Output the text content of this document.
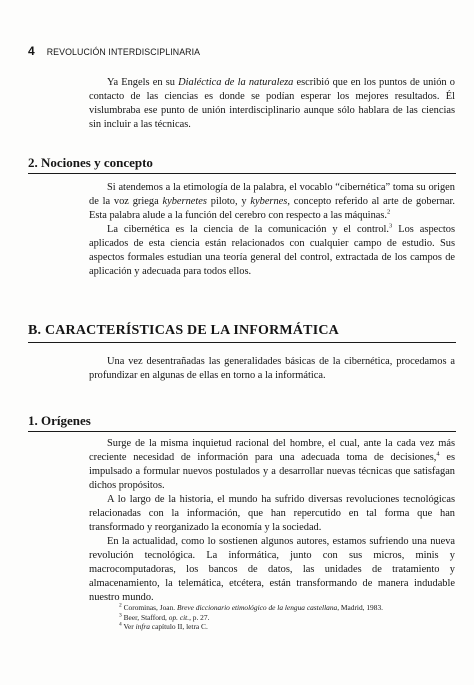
4 REVOLUCIÓN INTERDISCIPLINARIA

Ya Engels en su Dialéctica de la naturaleza escribió que en los puntos de unión o contacto de las ciencias es donde se podían esperar los mejores resultados. Él vislumbraba ese punto de unión interdisciplinario aunque sólo hablara de las ciencias sin incluir a las técnicas.

2. Nociones y concepto

Si atendemos a la etimología de la palabra, el vocablo “cibernética” toma su origen de la voz griega kybernetes piloto, y kybernes, concepto referido al arte de gobernar. Esta palabra alude a la función del cerebro con respecto a las máquinas.$^2$

La cibernética es la ciencia de la comunicación y el control.$^3$ Los aspectos aplicados de esta ciencia están relacionados con cualquier campo de estudio. Sus aspectos formales estudian una teoría general del control, extractada de los campos de aplicación y adecuada para todos ellos.

B. CARACTERÍSTICAS DE LA INFORMÁTICA

Una vez desentrañadas las generalidades básicas de la cibernética, procedamos a profundizar en algunas de ellas en torno a la informática.

1. Orígenes

Surge de la misma inquietud racional del hombre, el cual, ante la cada vez más creciente necesidad de información para una adecuada toma de decisiones,$^4$ es impulsado a formular nuevos postulados y a desarrollar nuevas técnicas que satisfagan dichos propósitos.

A lo largo de la historia, el mundo ha sufrido diversas revoluciones tecnológicas relacionadas con la información, que han repercutido en tal forma que han transformado y reorganizado la economía y la sociedad.

En la actualidad, como lo sostienen algunos autores, estamos sufriendo una nueva revolución tecnológica. La informática, junto con sus micros, minis y macrocomputadoras, los bancos de datos, las unidades de tratamiento y almacenamiento, la telemática, etcétera, están transformando de manera indudable nuestro mundo.

$^2$ Corominas, Joan. Breve diccionario etimológico de la lengua castellana, Madrid, 1983.
$^3$ Beer, Stafford, op. cit., p. 27.
$^4$ Ver infra capítulo II, letra C.
